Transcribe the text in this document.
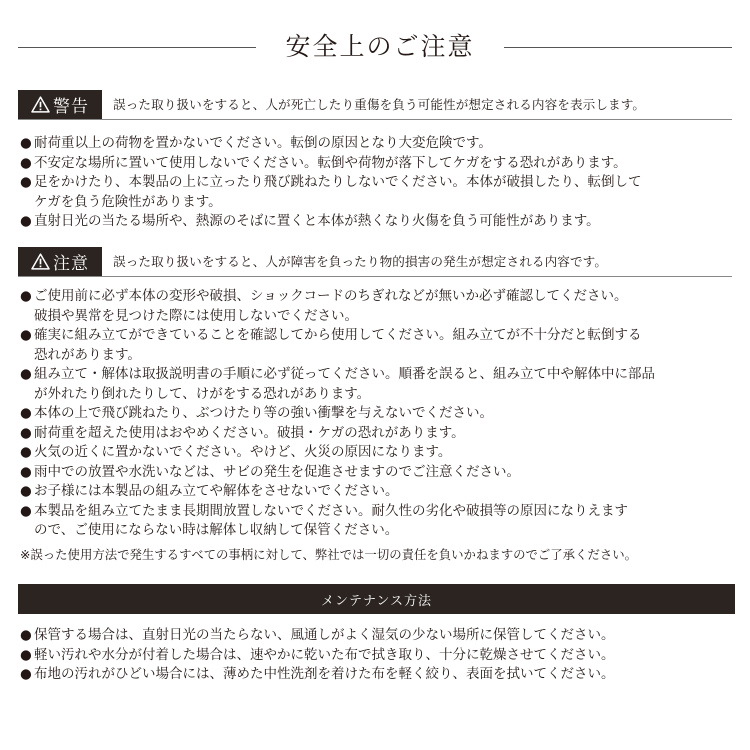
安全上のご注意
警告 誤った取り扱いをすると、人が死亡したり重傷を負う可能性が想定される内容を表示します。
● 耐荷重以上の荷物を置かないでください。転倒の原因となり大変危険です。
● 不安定な場所に置いて使用しないでください。転倒や荷物が落下してケガをする恐れがあります。
● 足をかけたり、本製品の上に立ったり飛び跳ねたりしないでください。本体が破損したり、転倒して
ケガを負う危険性があります。
● 直射日光の当たる場所や、熱源のそばに置くと本体が熱くなり火傷を負う可能性があります。
注意 誤った取り扱いをすると、人が障害を負ったり物的損害の発生が想定される内容です。
● ご使用前に必ず本体の変形や破損、ショックコードのちぎれなどが無いか必ず確認してください。
破損や異常を見つけた際には使用しないでください。
● 確実に組み立てができていることを確認してから使用してください。組み立てが不十分だと転倒する
恐れがあります。
● 組み立て・解体は取扱説明書の手順に必ず従ってください。順番を誤ると、組み立て中や解体中に部品
が外れたり倒れたりして、けがをする恐れがあります。
● 本体の上で飛び跳ねたり、ぶつけたり等の強い衝撃を与えないでください。
● 耐荷重を超えた使用はおやめください。破損・ケガの恐れがあります。
● 火気の近くに置かないでください。やけど、火災の原因になります。
● 雨中での放置や水洗いなどは、サビの発生を促進させますのでご注意ください。
● お子様には本製品の組み立てや解体をさせないでください。
● 本製品を組み立てたまま長期間放置しないでください。耐久性の劣化や破損等の原因になりえます
ので、ご使用にならない時は解体し収納して保管ください。
※誤った使用方法で発生するすべての事柄に対して、弊社では一切の責任を負いかねますのでご了承ください。
メンテナンス方法
● 保管する場合は、直射日光の当たらない、風通しがよく湿気の少ない場所に保管してください。
● 軽い汚れや水分が付着した場合は、速やかに乾いた布で拭き取り、十分に乾燥させてください。
● 布地の汚れがひどい場合には、薄めた中性洗剤を着けた布を軽く絞り、表面を拭いてください。
